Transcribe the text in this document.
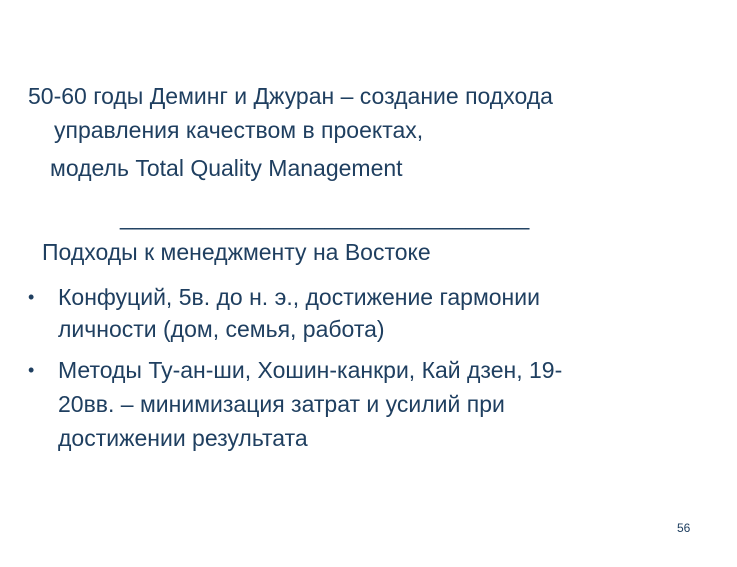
50-60 годы Деминг и Джуран – создание подхода
управления качеством в проектах,
модель Total Quality Management
________________________________
Подходы к менеджменту на Востоке
• Конфуций, 5в. до н. э., достижение гармонии
личности (дом, семья, работа)
• Методы Ту-ан-ши, Хошин-канкри, Кай дзен, 19-
20вв. – минимизация затрат и усилий при
достижении результата
56
